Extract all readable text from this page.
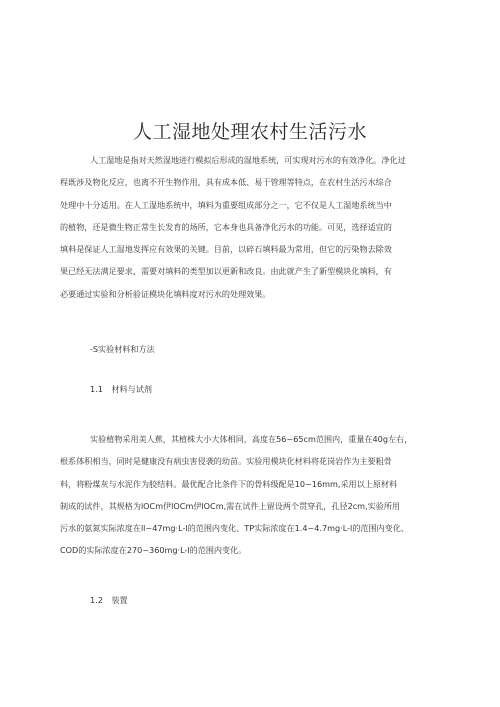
人工湿地处理农村生活污水
人工湿地是指对天然湿地进行模拟后形成的湿地系统，可实现对污水的有效净化。净化过
程既涉及物化反应，也离不开生物作用，具有成本低、易于管理等特点，在农村生活污水综合
处理中十分适用。在人工湿地系统中，填料为重要组成部分之一，它不仅是人工湿地系统当中
的植物，还是微生物正常生长发育的场所，它本身也具备净化污水的功能。可见，选择适宜的
填料是保证人工湿地发挥应有效果的关键。目前，以碎石填料最为常用，但它的污染物去除效
果已经无法满足要求，需要对填料的类型加以更新和改良。由此就产生了新型模块化填料，有
必要通过实验和分析验证模块化填料度对污水的处理效果。
-S实验材料和方法
1.1 材料与试剂
实验植物采用美人蕉，其植株大小大体相同，高度在56~65cm范围内，重量在40g左右，
根系体积相当，同时是健康没有病虫害侵袭的幼苗。实验用模块化材料将花岗岩作为主要粗骨
料，将粉煤灰与水泥作为胶结料。最优配合比条件下的骨料级配是10~16mm,采用以上原材料
制成的试件，其规格为lOCm伊lOCm伊lOCm,需在试件上留设两个贯穿孔，孔径2cm,实验所用
污水的氨氮实际浓度在ll~47mg·L-l的范围内变化、TP实际浓度在1.4~4.7mg·L-l的范围内变化、
COD的实际浓度在270~360mg·L-l的范围内变化。
1.2 装置
